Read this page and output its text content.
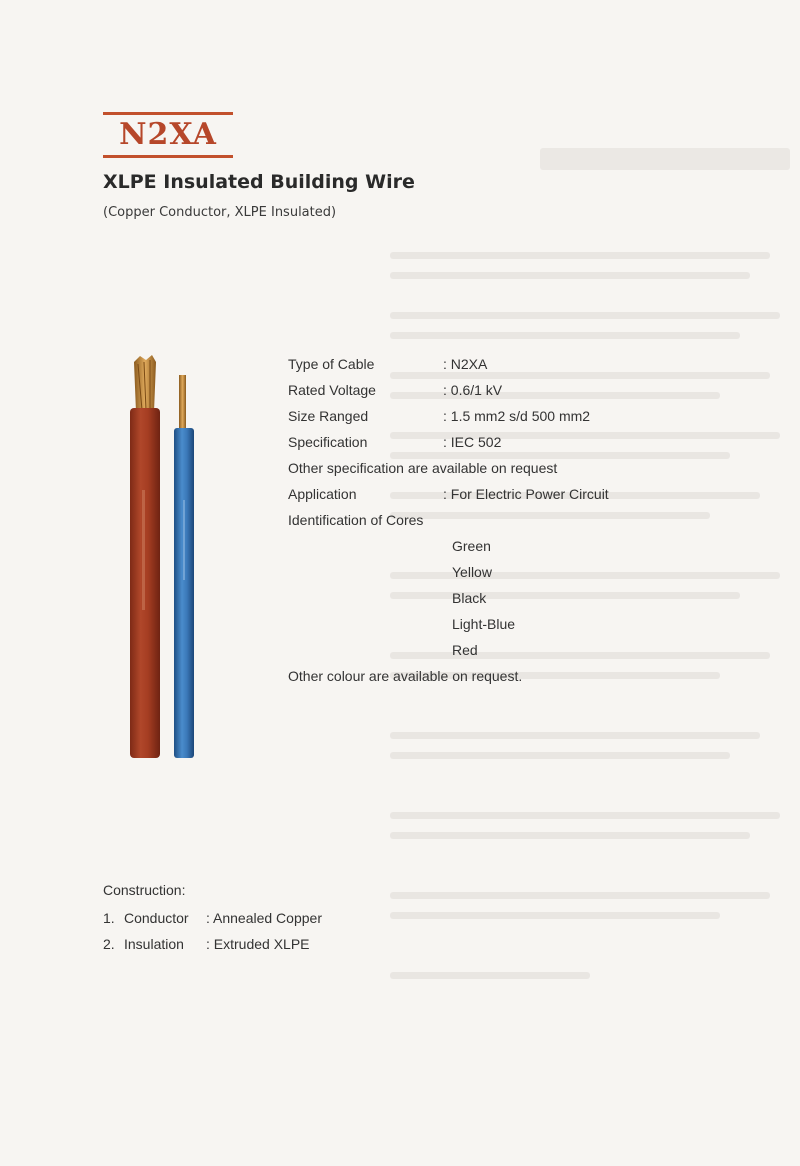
N2XA
XLPE Insulated Building Wire
(Copper Conductor, XLPE Insulated)
Type of Cable	: N2XA
Rated Voltage	: 0.6/1 kV
Size Ranged	: 1.5 mm2 s/d 500 mm2
Specification	: IEC 502
Other specification are available on request
Application	: For Electric Power Circuit
Identification of Cores
Green
Yellow
Black
Light-Blue
Red
Other colour are available on request.
Construction:
1. Conductor : Annealed Copper
2. Insulation : Extruded XLPE
